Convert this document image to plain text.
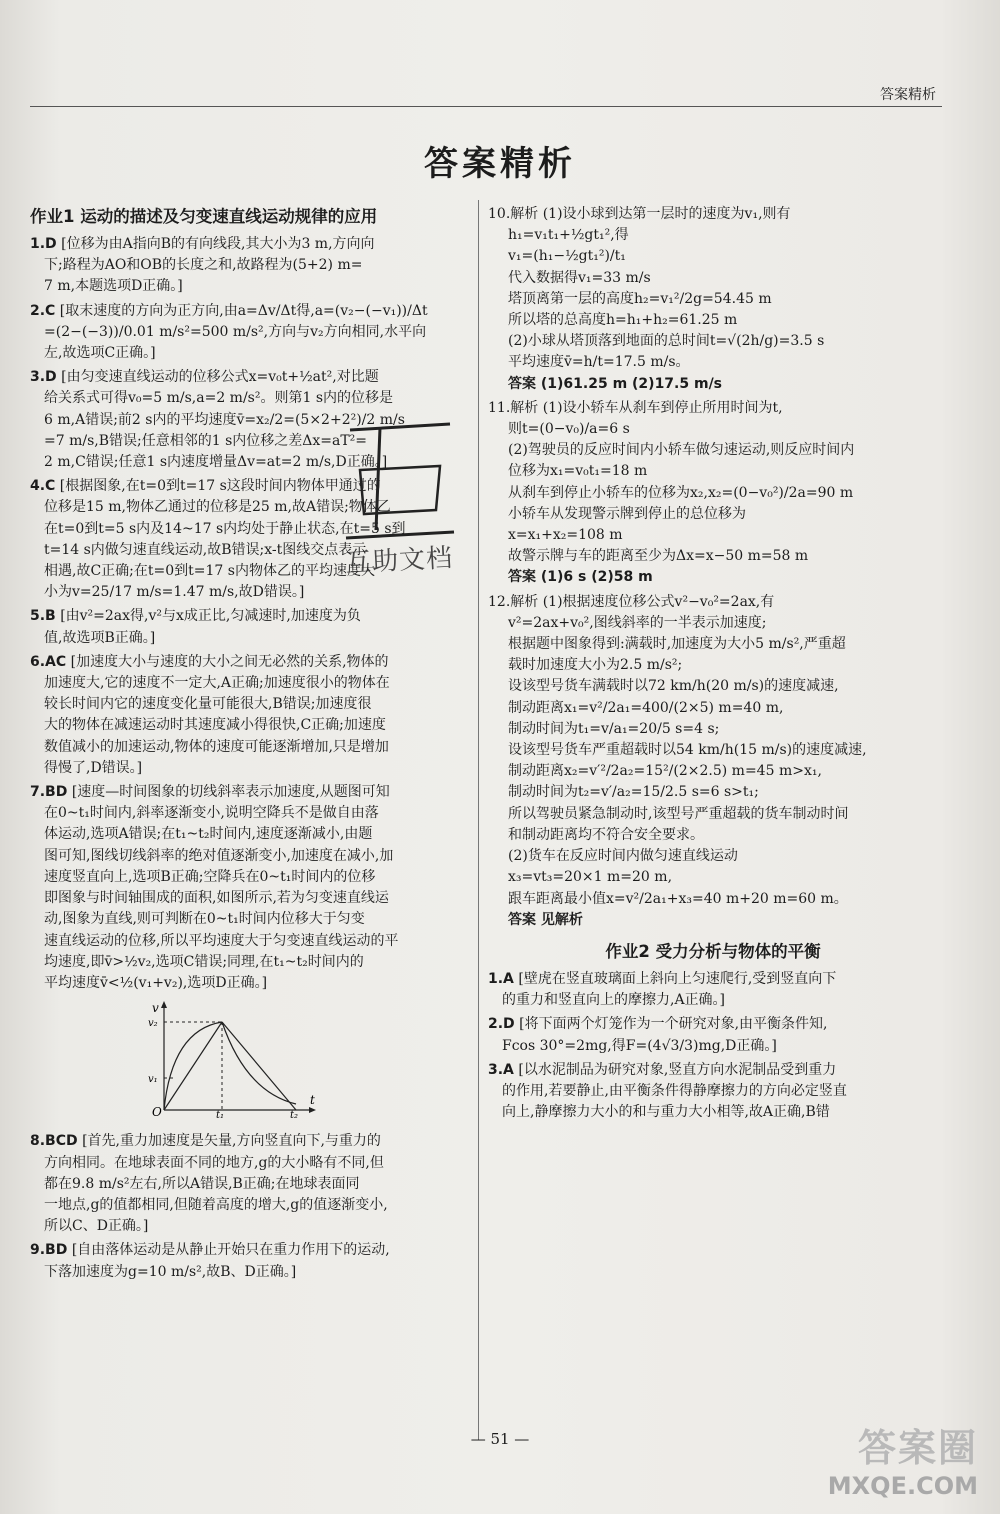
答案精析
答案精析
作业1 运动的描述及匀变速直线运动规律的应用

1.D [位移为由A指向B的有向线段,其大小为3 m,方向向

下;路程为AO和OB的长度之和,故路程为(5+2) m=

7 m,本题选项D正确。]

2.C [取末速度的方向为正方向,由a=Δv/Δt得,a=(v₂−(−v₁))/Δt

=(2−(−3))/0.01 m/s²=500 m/s²,方向与v₂方向相同,水平向

左,故选项C正确。]

3.D [由匀变速直线运动的位移公式x=v₀t+½at²,对比题

给关系式可得v₀=5 m/s,a=2 m/s²。则第1 s内的位移是

6 m,A错误;前2 s内的平均速度v̄=x₂/2=(5×2+2²)/2 m/s

=7 m/s,B错误;任意相邻的1 s内位移之差Δx=aT²=

2 m,C错误;任意1 s内速度增量Δv=at=2 m/s,D正确。]

4.C [根据图象,在t=0到t=17 s这段时间内物体甲通过的

位移是15 m,物体乙通过的位移是25 m,故A错误;物体乙

在t=0到t=5 s内及14~17 s内均处于静止状态,在t=5 s到

t=14 s内做匀速直线运动,故B错误;x-t图线交点表示

相遇,故C正确;在t=0到t=17 s内物体乙的平均速度大

小为v=25/17 m/s=1.47 m/s,故D错误。]

5.B [由v²=2ax得,v²与x成正比,匀减速时,加速度为负

值,故选项B正确。]

6.AC [加速度大小与速度的大小之间无必然的关系,物体的

加速度大,它的速度不一定大,A正确;加速度很小的物体在

较长时间内它的速度变化量可能很大,B错误;加速度很

大的物体在减速运动时其速度减小得很快,C正确;加速度

数值减小的加速运动,物体的速度可能逐渐增加,只是增加

得慢了,D错误。]

7.BD [速度—时间图象的切线斜率表示加速度,从题图可知

在0~t₁时间内,斜率逐渐变小,说明空降兵不是做自由落

体运动,选项A错误;在t₁~t₂时间内,速度逐渐减小,由题

图可知,图线切线斜率的绝对值逐渐变小,加速度在减小,加

速度竖直向上,选项B正确;空降兵在0~t₁时间内的位移

即图象与时间轴围成的面积,如图所示,若为匀变速直线运

动,图象为直线,则可判断在0~t₁时间内位移大于匀变

速直线运动的位移,所以平均速度大于匀变速直线运动的平

均速度,即v̄>½v₂,选项C错误;同理,在t₁~t₂时间内的

平均速度v̄<½(v₁+v₂),选项D正确。]

v
t
O
v₂
v₁
t₁	t₂

8.BCD [首先,重力加速度是矢量,方向竖直向下,与重力的

方向相同。在地球表面不同的地方,g的大小略有不同,但

都在9.8 m/s²左右,所以A错误,B正确;在地球表面同

一地点,g的值都相同,但随着高度的增大,g的值逐渐变小,

所以C、D正确。]

9.BD [自由落体运动是从静止开始只在重力作用下的运动,

下落加速度为g=10 m/s²,故B、D正确。]

10.解析 (1)设小球到达第一层时的速度为v₁,则有

h₁=v₁t₁+½gt₁²,得

v₁=(h₁−½gt₁²)/t₁

代入数据得v₁=33 m/s

塔顶离第一层的高度h₂=v₁²/2g=54.45 m

所以塔的总高度h=h₁+h₂=61.25 m

(2)小球从塔顶落到地面的总时间t=√(2h/g)=3.5 s

平均速度v̄=h/t=17.5 m/s。

答案 (1)61.25 m (2)17.5 m/s

11.解析 (1)设小轿车从刹车到停止所用时间为t,

则t=(0−v₀)/a=6 s

(2)驾驶员的反应时间内小轿车做匀速运动,则反应时间内

位移为x₁=v₀t₁=18 m

从刹车到停止小轿车的位移为x₂,x₂=(0−v₀²)/2a=90 m

小轿车从发现警示牌到停止的总位移为

x=x₁+x₂=108 m

故警示牌与车的距离至少为Δx=x−50 m=58 m

答案 (1)6 s (2)58 m

12.解析 (1)根据速度位移公式v²−v₀²=2ax,有

v²=2ax+v₀²,图线斜率的一半表示加速度;

根据题中图象得到:满载时,加速度为大小5 m/s²,严重超

载时加速度大小为2.5 m/s²;

设该型号货车满载时以72 km/h(20 m/s)的速度减速,

制动距离x₁=v²/2a₁=400/(2×5) m=40 m,

制动时间为t₁=v/a₁=20/5 s=4 s;

设该型号货车严重超载时以54 km/h(15 m/s)的速度减速,

制动距离x₂=v′²/2a₂=15²/(2×2.5) m=45 m>x₁,

制动时间为t₂=v′/a₂=15/2.5 s=6 s>t₁;

所以驾驶员紧急制动时,该型号严重超载的货车制动时间

和制动距离均不符合安全要求。

(2)货车在反应时间内做匀速直线运动

x₃=vt₃=20×1 m=20 m,

跟车距离最小值x=v²/2a₁+x₃=40 m+20 m=60 m。

答案 见解析

作业2 受力分析与物体的平衡

1.A [壁虎在竖直玻璃面上斜向上匀速爬行,受到竖直向下

的重力和竖直向上的摩擦力,A正确。]

2.D [将下面两个灯笼作为一个研究对象,由平衡条件知,

Fcos 30°=2mg,得F=(4√3/3)mg,D正确。]

3.A [以水泥制品为研究对象,竖直方向水泥制品受到重力

的作用,若要静止,由平衡条件得静摩擦力的方向必定竖直

向上,静摩擦力大小的和与重力大小相等,故A正确,B错

互助文档
— 51 —	答案圈
MXQE.COM
